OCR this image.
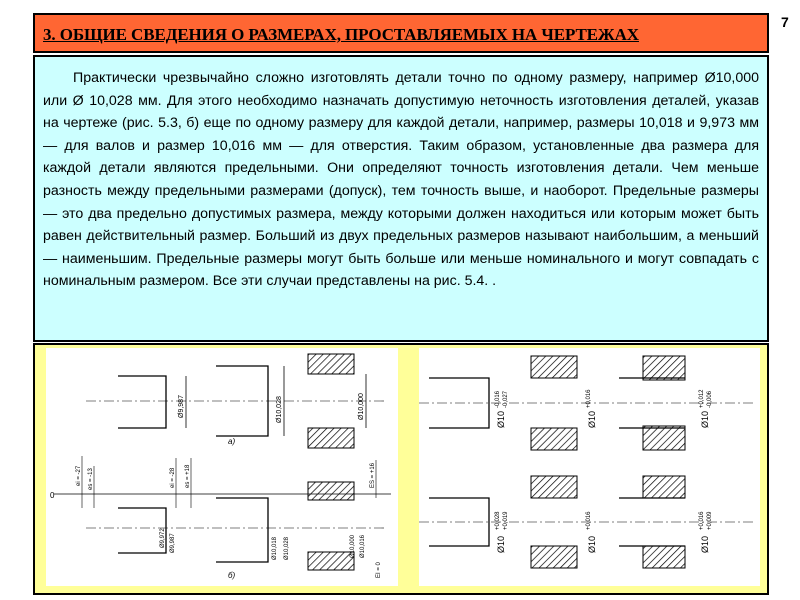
7
3. ОБЩИЕ СВЕДЕНИЯ О РАЗМЕРАХ, ПРОСТАВЛЯЕМЫХ НА ЧЕРТЕЖАХ

Практически чрезвычайно сложно изготовлять детали точно по одному размеру, например Ø10,000 или Ø 10,028 мм. Для этого необходимо назначать допустимую неточность изготовления деталей, указав на чертеже (рис. 5.3, б) еще по одному размеру для каждой детали, например, размеры 10,018 и 9,973 мм — для валов и размер 10,016 мм — для отверстия. Таким образом, установленные два размера для каждой детали являются предельными. Они определяют точность изготовления детали. Чем меньше разность между предельными размерами (допуск), тем точность выше, и наоборот. Предельные размеры — это два предельно допустимых размера, между которыми должен находиться или которым может быть равен действительный размер. Больший из двух предельных размеров называют наибольшим, а меньший — наименьшим. Предельные размеры могут быть больше или меньше номинального и могут совпадать с номинальным размером. Все эти случаи представлены на рис. 5.4. .

Ø9,987	Ø10,028	Ø10,000
а)
0
ei = -27 es = -13	ei = -28 es = +18	ES = +16
EI = 0
Ø9,972 Ø9,987	Ø10,018 Ø10,028	Ø10,000 Ø10,016
б)
Ø10
-0,016 -0,027
Ø10
+0,016
Ø10
+0,012 -0,006
Ø10
+0,028 +0,019
Ø10
+0,016
Ø10
+0,016 +0,009
